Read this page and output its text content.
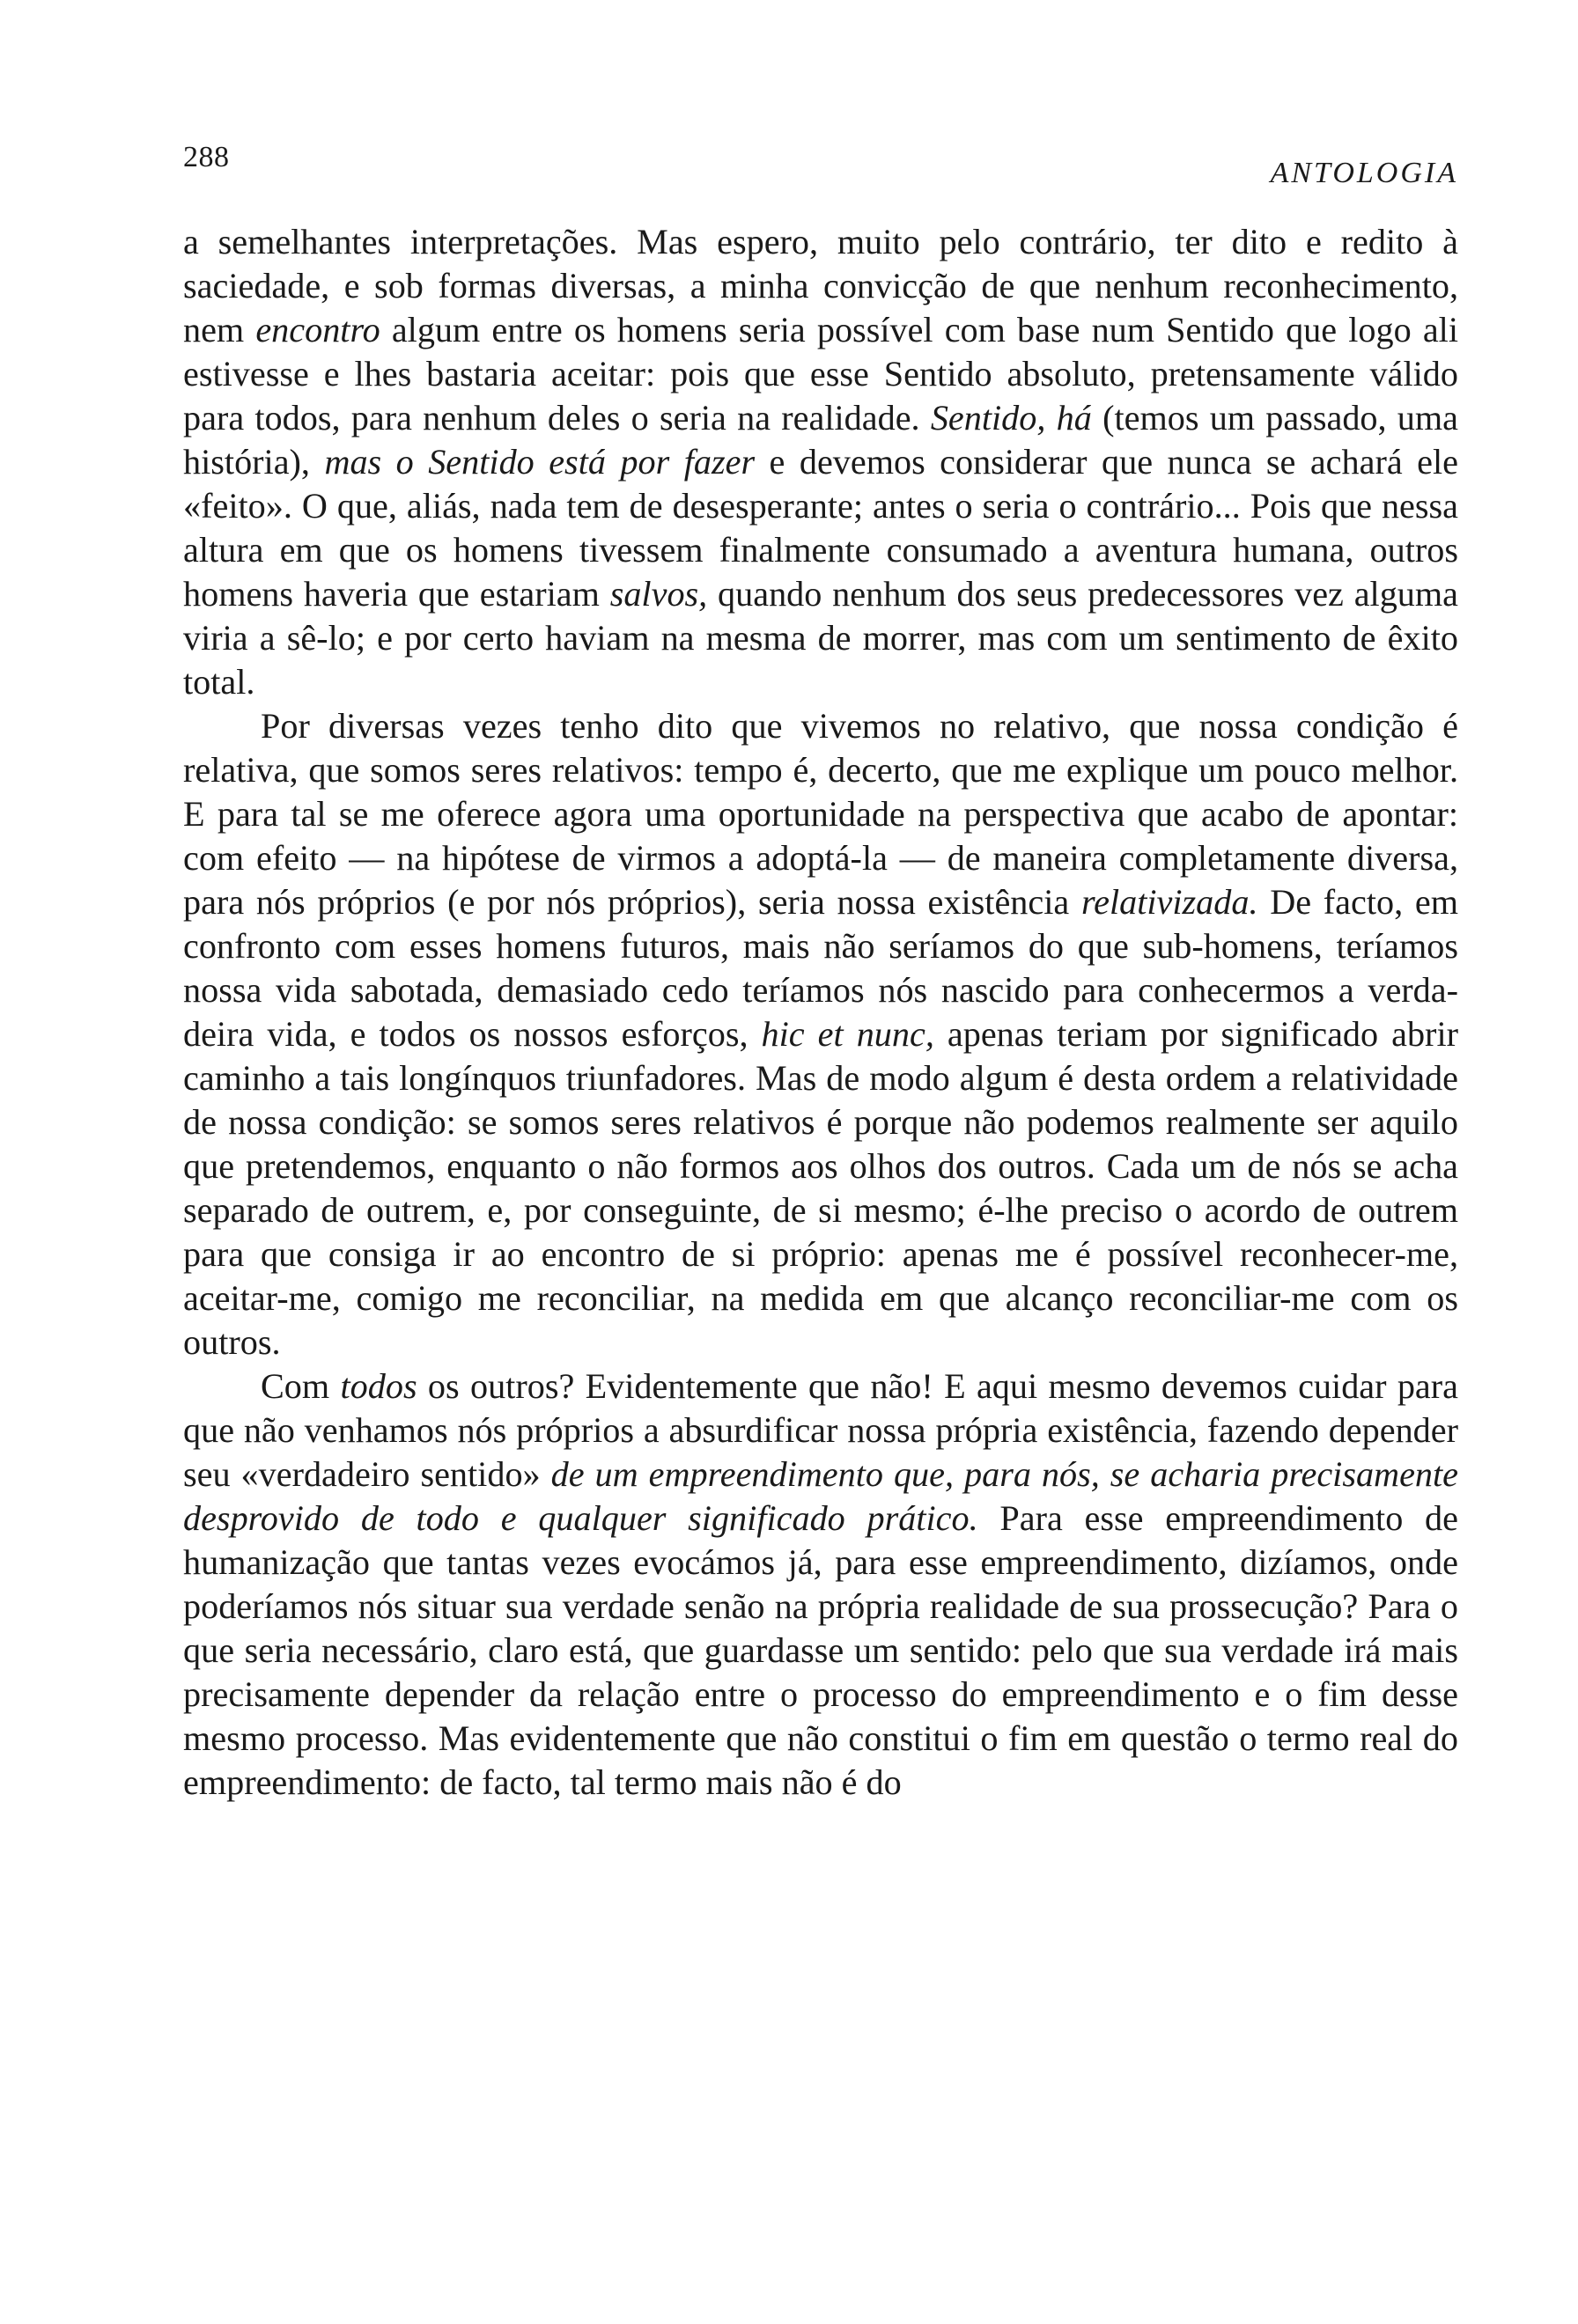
288	ANTOLOGIA

a semelhantes interpretações. Mas espero, muito pelo contrário, ter dito e redito à saciedade, e sob formas diversas, a minha convicção de que nenhum reconhecimento, nem encontro algum entre os homens seria possível com base num Sentido que logo ali estivesse e lhes bastaria aceitar: pois que esse Sentido absoluto, pretensamente válido para todos, para nenhum deles o seria na realidade. Sentido, há (temos um passado, uma história), mas o Sentido está por fazer e devemos considerar que nunca se achará ele «feito». O que, aliás, nada tem de desesperante; antes o seria o contrário... Pois que nessa altura em que os homens tivessem finalmente consumado a aventura humana, outros homens haveria que estariam salvos, quando nenhum dos seus predecessores vez alguma viria a sê-lo; e por certo haviam na mesma de morrer, mas com um sentimento de êxito total.

Por diversas vezes tenho dito que vivemos no relativo, que nossa condição é relativa, que somos seres relativos: tempo é, decerto, que me explique um pouco melhor. E para tal se me oferece agora uma oportunidade na perspectiva que acabo de apontar: com efeito — na hipótese de virmos a adoptá-la — de maneira completamente diversa, para nós próprios (e por nós próprios), seria nossa existência relativizada. De facto, em confronto com esses homens futuros, mais não seríamos do que sub-homens, teríamos nossa vida sabotada, demasiado cedo teríamos nós nascido para conhecermos a verdadeira vida, e todos os nossos esforços, hic et nunc, apenas teriam por significado abrir caminho a tais longínquos triunfadores. Mas de modo algum é desta ordem a relatividade de nossa condição: se somos seres relativos é porque não podemos realmente ser aquilo que pretendemos, enquanto o não formos aos olhos dos outros. Cada um de nós se acha separado de outrem, e, por conseguinte, de si mesmo; é-lhe preciso o acordo de outrem para que consiga ir ao encontro de si próprio: apenas me é possível reconhecer-me, aceitar-me, comigo me reconciliar, na medida em que alcanço reconciliar-me com os outros.

Com todos os outros? Evidentemente que não! E aqui mesmo devemos cuidar para que não venhamos nós próprios a absurdificar nossa própria existência, fazendo depender seu «verdadeiro sentido» de um empreendimento que, para nós, se acharia precisamente desprovido de todo e qualquer significado prático. Para esse empreendimento de humanização que tantas vezes evocámos já, para esse empreendimento, dizíamos, onde poderíamos nós situar sua verdade senão na própria realidade de sua prossecução? Para o que seria necessário, claro está, que guardasse um sentido: pelo que sua verdade irá mais precisamente depender da relação entre o processo do empreendimento e o fim desse mesmo processo. Mas evidentemente que não constitui o fim em questão o termo real do empreendimento: de facto, tal termo mais não é do
